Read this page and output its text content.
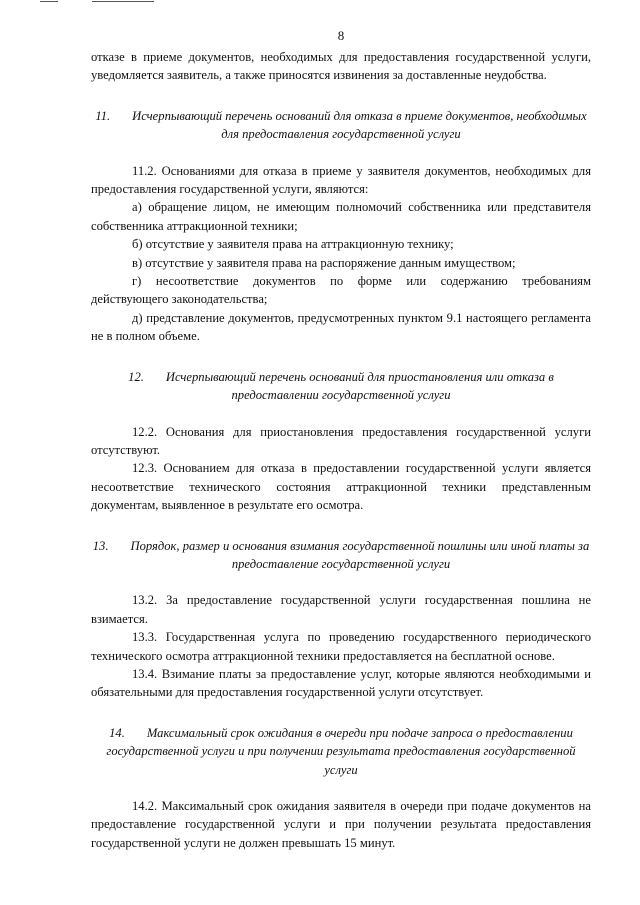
8

отказе в приеме документов, необходимых для предоставления государственной услуги, уведомляется заявитель, а также приносятся извинения за доставленные неудобства.

11. Исчерпывающий перечень оснований для отказа в приеме документов, необходимых для предоставления государственной услуги

11.2. Основаниями для отказа в приеме у заявителя документов, необходимых для предоставления государственной услуги, являются:

а) обращение лицом, не имеющим полномочий собственника или представителя собственника аттракционной техники;

б) отсутствие у заявителя права на аттракционную технику;

в) отсутствие у заявителя права на распоряжение данным имуществом;

г) несоответствие документов по форме или содержанию требованиям действующего законодательства;

д) представление документов, предусмотренных пунктом 9.1 настоящего регламента не в полном объеме.

12. Исчерпывающий перечень оснований для приостановления или отказа в предоставлении государственной услуги

12.2. Основания для приостановления предоставления государственной услуги отсутствуют.

12.3. Основанием для отказа в предоставлении государственной услуги является несоответствие технического состояния аттракционной техники представленным документам, выявленное в результате его осмотра.

13. Порядок, размер и основания взимания государственной пошлины или иной платы за предоставление государственной услуги

13.2. За предоставление государственной услуги государственная пошлина не взимается.

13.3. Государственная услуга по проведению государственного периодического технического осмотра аттракционной техники предоставляется на бесплатной основе.

13.4. Взимание платы за предоставление услуг, которые являются необходимыми и обязательными для предоставления государственной услуги отсутствует.

14. Максимальный срок ожидания в очереди при подаче запроса о предоставлении государственной услуги и при получении результата предоставления государственной услуги

14.2. Максимальный срок ожидания заявителя в очереди при подаче документов на предоставление государственной услуги и при получении результата предоставления государственной услуги не должен превышать 15 минут.
